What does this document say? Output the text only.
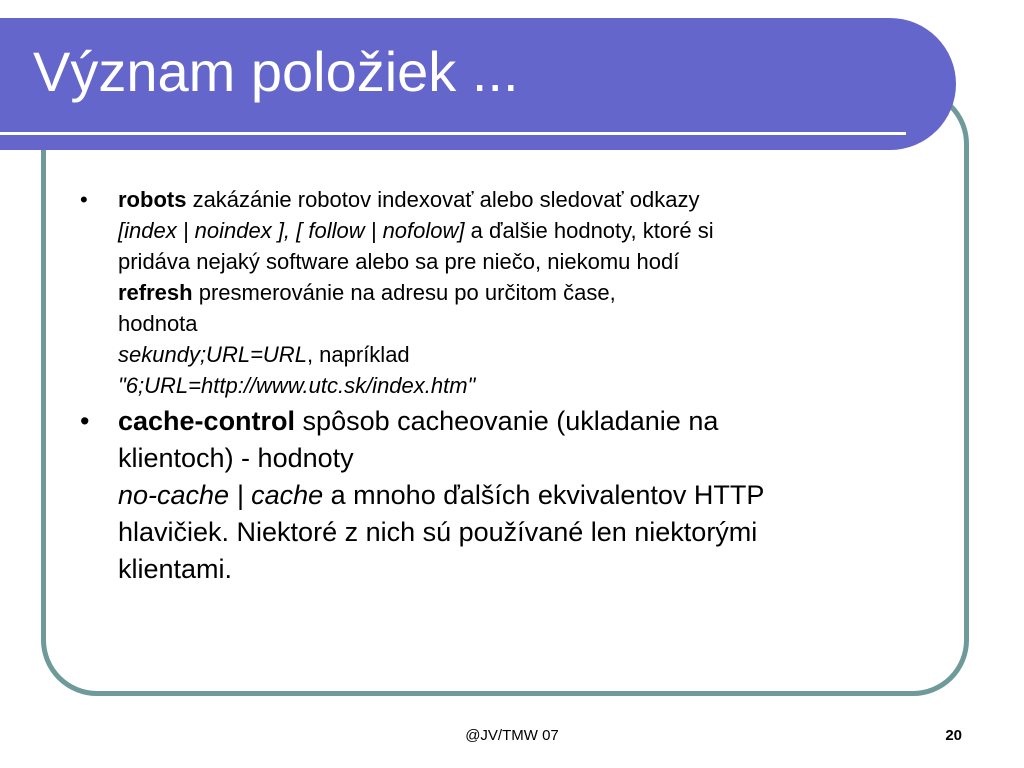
Význam položiek ...
• robots zakázánie robotov indexovať alebo sledovať odkazy
[index | noindex ], [ follow | nofolow] a ďalšie hodnoty, ktoré si
pridáva nejaký software alebo sa pre niečo, niekomu hodí
refresh presmerovánie na adresu po určitom čase,
hodnota
sekundy;URL=URL, napríklad
"6;URL=http://www.utc.sk/index.htm"
• cache-control spôsob cacheovanie (ukladanie na
klientoch) - hodnoty
no-cache | cache a mnoho ďalších ekvivalentov HTTP
hlavičiek. Niektoré z nich sú používané len niektorými
klientami.
@JV/TMW 07	20
